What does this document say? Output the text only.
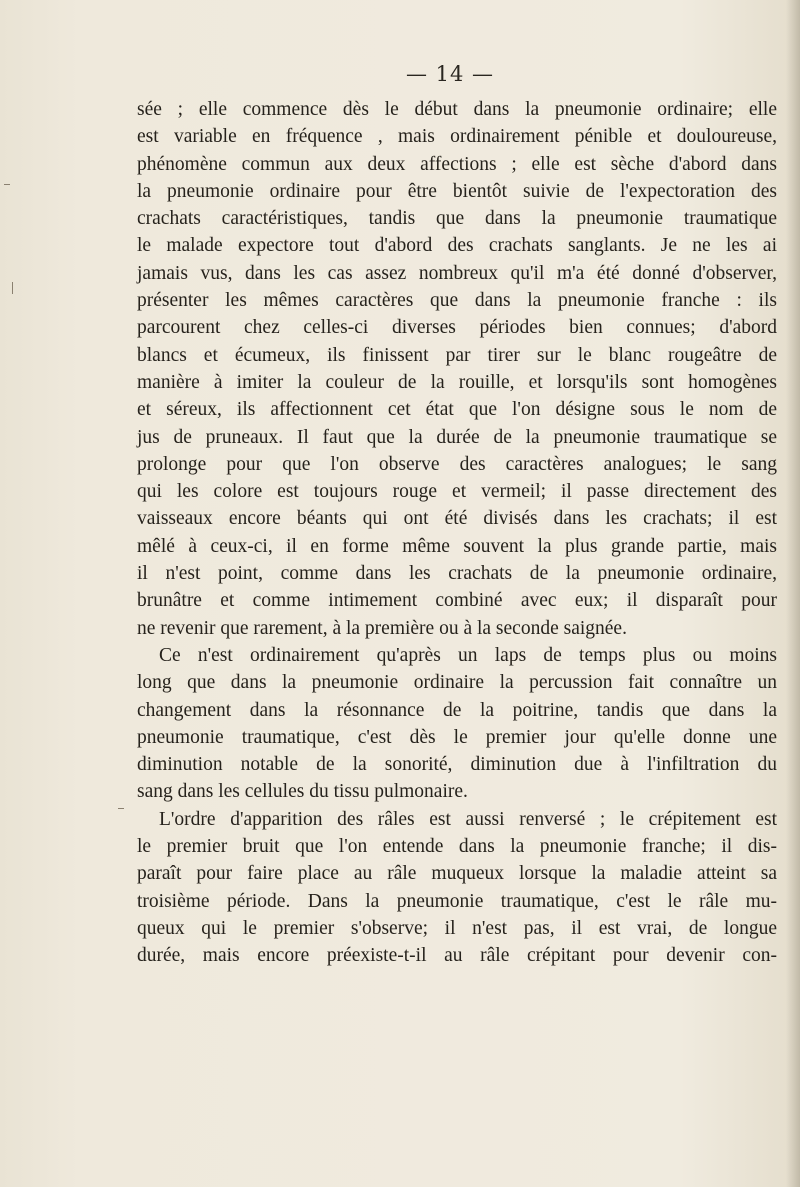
— 14 —
sée ; elle commence dès le début dans la pneumonie ordinaire; elle
est variable en fréquence , mais ordinairement pénible et douloureuse,
phénomène commun aux deux affections ; elle est sèche d'abord dans
la pneumonie ordinaire pour être bientôt suivie de l'expectoration des
crachats caractéristiques, tandis que dans la pneumonie traumatique
le malade expectore tout d'abord des crachats sanglants. Je ne les ai
jamais vus, dans les cas assez nombreux qu'il m'a été donné d'observer,
présenter les mêmes caractères que dans la pneumonie franche : ils
parcourent chez celles-ci diverses périodes bien connues; d'abord
blancs et écumeux, ils finissent par tirer sur le blanc rougeâtre de
manière à imiter la couleur de la rouille, et lorsqu'ils sont homogènes
et séreux, ils affectionnent cet état que l'on désigne sous le nom de
jus de pruneaux. Il faut que la durée de la pneumonie traumatique se
prolonge pour que l'on observe des caractères analogues; le sang
qui les colore est toujours rouge et vermeil; il passe directement des
vaisseaux encore béants qui ont été divisés dans les crachats; il est
mêlé à ceux-ci, il en forme même souvent la plus grande partie, mais
il n'est point, comme dans les crachats de la pneumonie ordinaire,
brunâtre et comme intimement combiné avec eux; il disparaît pour
ne revenir que rarement, à la première ou à la seconde saignée.
Ce n'est ordinairement qu'après un laps de temps plus ou moins
long que dans la pneumonie ordinaire la percussion fait connaître un
changement dans la résonnance de la poitrine, tandis que dans la
pneumonie traumatique, c'est dès le premier jour qu'elle donne une
diminution notable de la sonorité, diminution due à l'infiltration du
sang dans les cellules du tissu pulmonaire.
L'ordre d'apparition des râles est aussi renversé ; le crépitement est
le premier bruit que l'on entende dans la pneumonie franche; il dis-
paraît pour faire place au râle muqueux lorsque la maladie atteint sa
troisième période. Dans la pneumonie traumatique, c'est le râle mu-
queux qui le premier s'observe; il n'est pas, il est vrai, de longue
durée, mais encore préexiste-t-il au râle crépitant pour devenir con-
